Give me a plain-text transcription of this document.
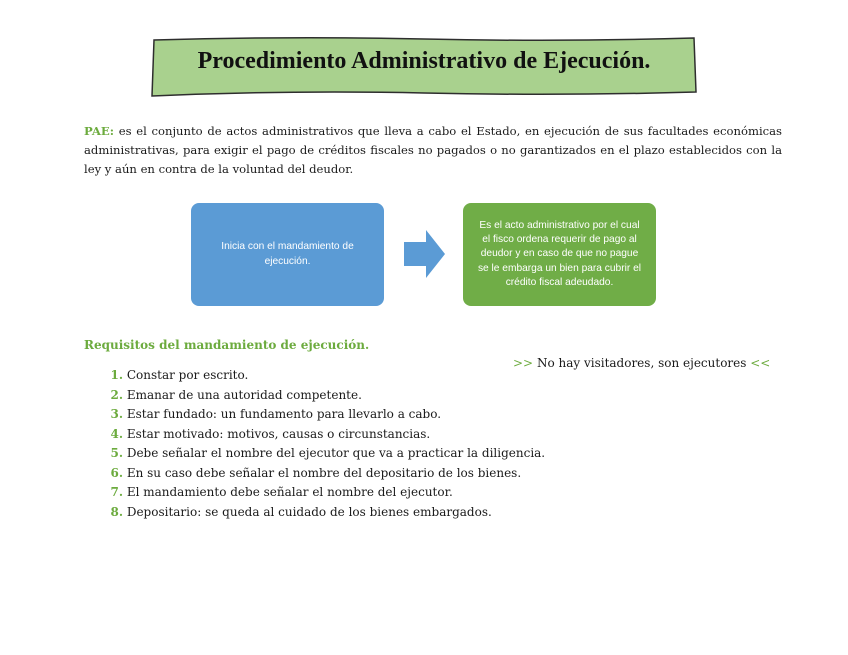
Procedimiento Administrativo de Ejecución.
PAE: es el conjunto de actos administrativos que lleva a cabo el Estado, en ejecución de sus facultades económicas administrativas, para exigir el pago de créditos fiscales no pagados o no garantizados en el plazo establecidos con la ley y aún en contra de la voluntad del deudor.
Inicia con el mandamiento de ejecución.
Es el acto administrativo por el cual el fisco ordena requerir de pago al deudor y en caso de que no pague se le embarga un bien para cubrir el crédito fiscal adeudado.
Requisitos del mandamiento de ejecución.
>> No hay visitadores, son ejecutores <<
1. Constar por escrito.
2. Emanar de una autoridad competente.
3. Estar fundado: un fundamento para llevarlo a cabo.
4. Estar motivado: motivos, causas o circunstancias.
5. Debe señalar el nombre del ejecutor que va a practicar la diligencia.
6. En su caso debe señalar el nombre del depositario de los bienes.
7. El mandamiento debe señalar el nombre del ejecutor.
8. Depositario: se queda al cuidado de los bienes embargados.
